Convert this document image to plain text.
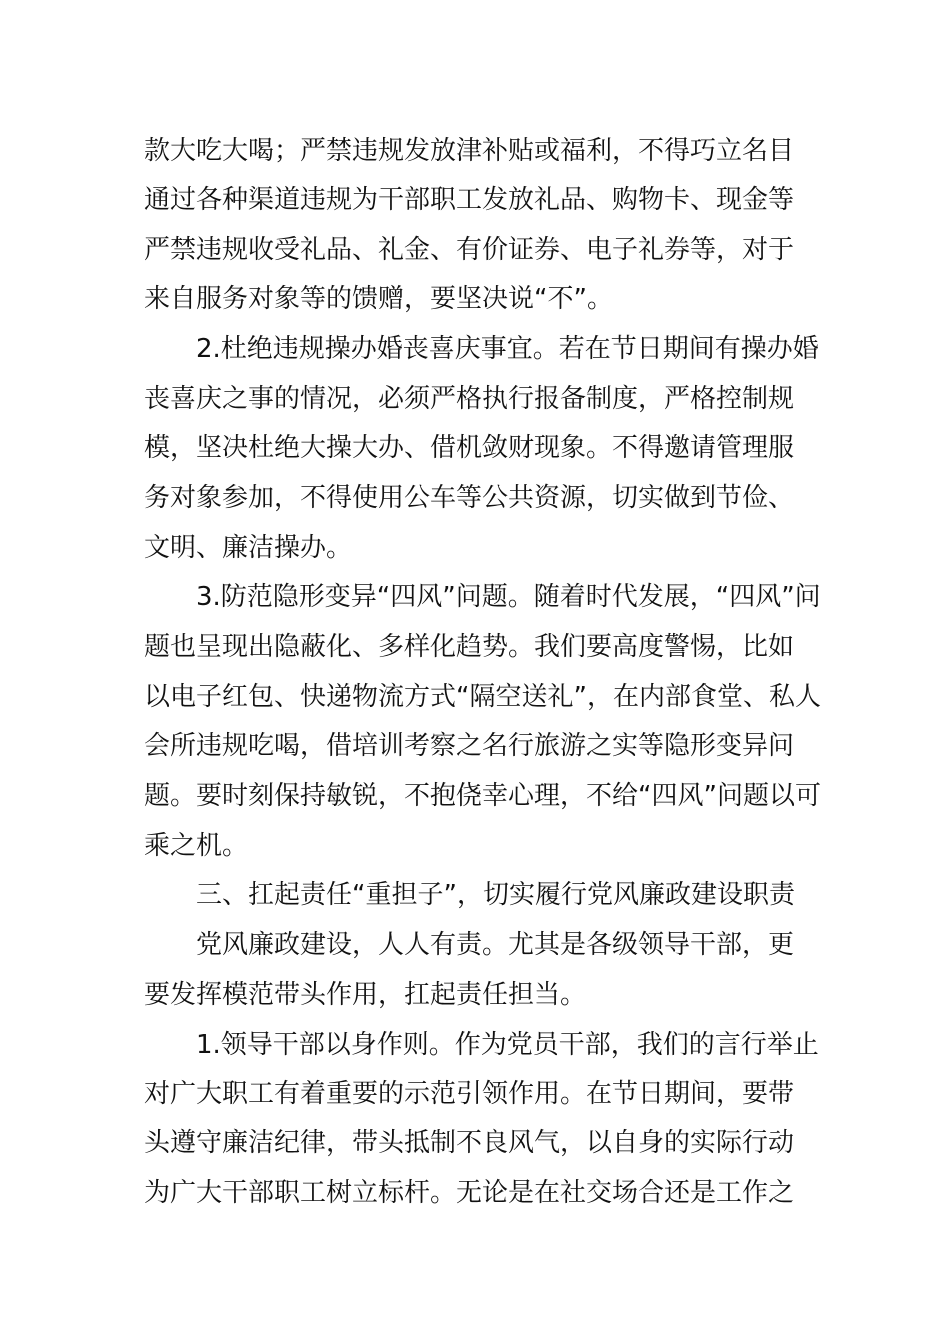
款大吃大喝；严禁违规发放津补贴或福利，不得巧立名目
通过各种渠道违规为干部职工发放礼品、购物卡、现金等
严禁违规收受礼品、礼金、有价证券、电子礼券等，对于
来自服务对象等的馈赠，要坚决说“不”。
2.杜绝违规操办婚丧喜庆事宜。若在节日期间有操办婚
丧喜庆之事的情况，必须严格执行报备制度，严格控制规
模，坚决杜绝大操大办、借机敛财现象。不得邀请管理服
务对象参加，不得使用公车等公共资源，切实做到节俭、
文明、廉洁操办。
3.防范隐形变异“四风”问题。随着时代发展，“四风”问
题也呈现出隐蔽化、多样化趋势。我们要高度警惕，比如
以电子红包、快递物流方式“隔空送礼”，在内部食堂、私人
会所违规吃喝，借培训考察之名行旅游之实等隐形变异问
题。要时刻保持敏锐，不抱侥幸心理，不给“四风”问题以可
乘之机。
三、扛起责任“重担子”，切实履行党风廉政建设职责
党风廉政建设，人人有责。尤其是各级领导干部，更
要发挥模范带头作用，扛起责任担当。
1.领导干部以身作则。作为党员干部，我们的言行举止
对广大职工有着重要的示范引领作用。在节日期间，要带
头遵守廉洁纪律，带头抵制不良风气，以自身的实际行动
为广大干部职工树立标杆。无论是在社交场合还是工作之
